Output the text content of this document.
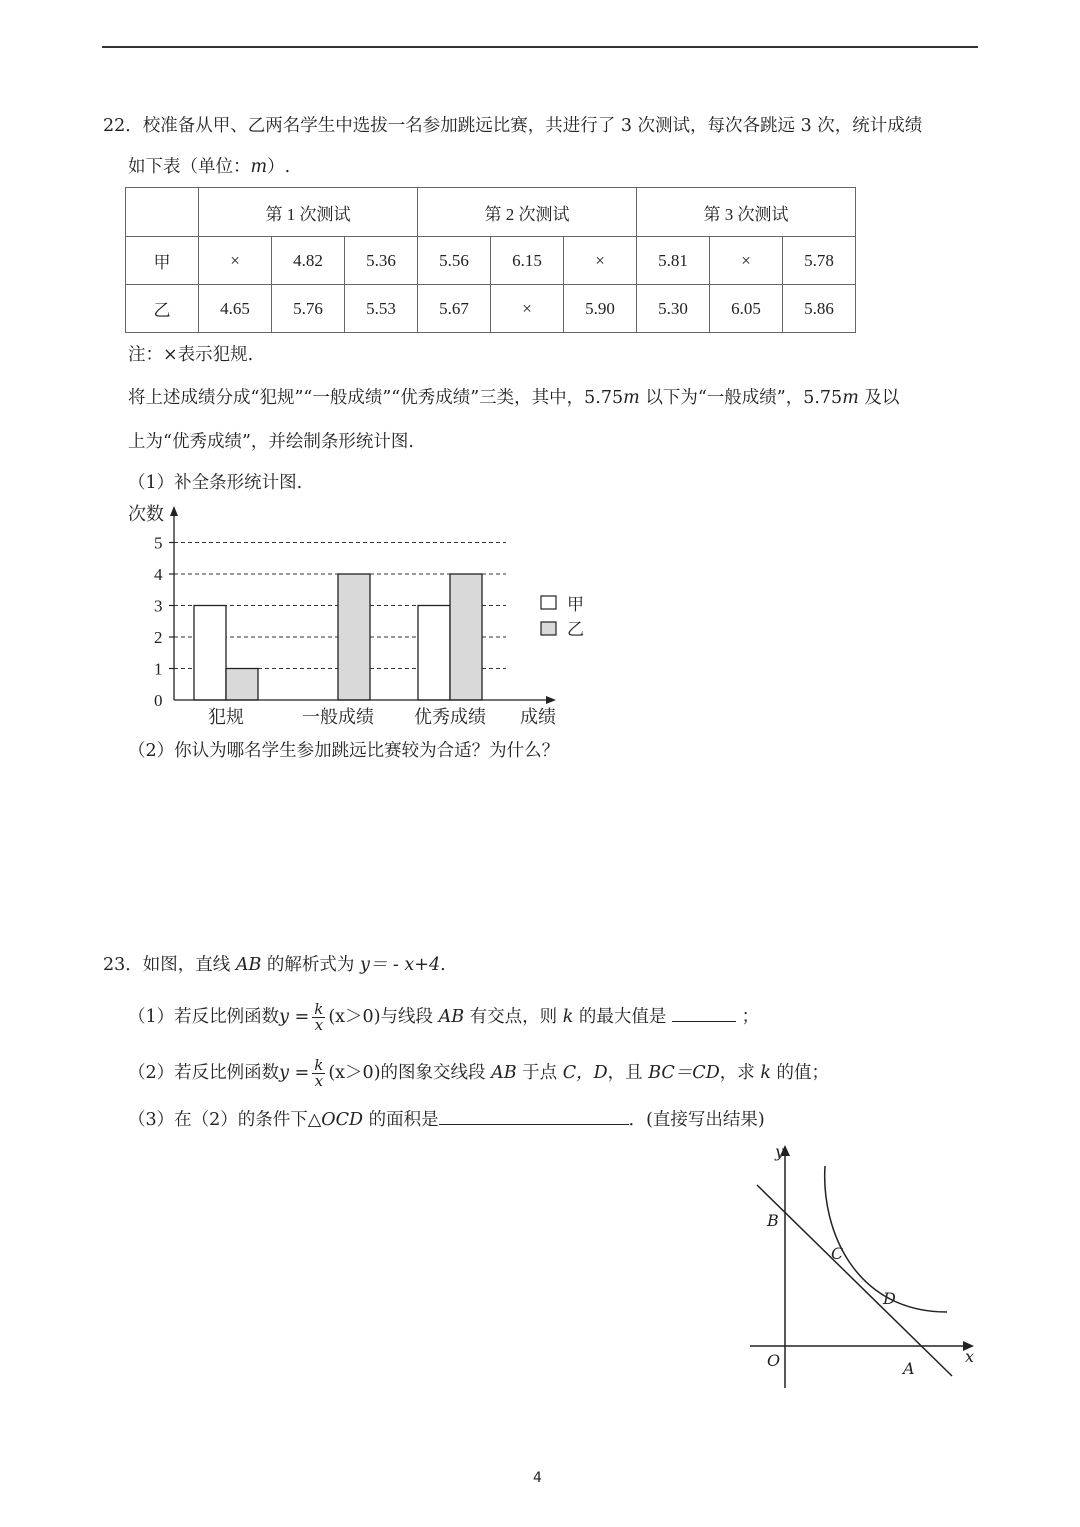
22．校准备从甲、乙两名学生中选拔一名参加跳远比赛，共进行了 3 次测试，每次各跳远 3 次，统计成绩
如下表（单位：m）.
	第 1 次测试			第 2 次测试			第 3 次测试		
甲	×	4.82	5.36	5.56	6.15	×	5.81	×	5.78
乙	4.65	5.76	5.53	5.67	×	5.90	5.30	6.05	5.86
注：×表示犯规.
将上述成绩分成“犯规”“一般成绩”“优秀成绩”三类，其中，5.75m 以下为“一般成绩”，5.75m 及以
上为“优秀成绩”，并绘制条形统计图.
（1）补全条形统计图.
次数
成绩
0
1
2
3
4
5
犯规	一般成绩 优秀成绩
甲
乙
（2）你认为哪名学生参加跳远比赛较为合适？为什么？
23．如图，直线 AB 的解析式为 y＝ - x+4.
（1）若反比例函数$y = \frac{k}{x} (x>0)$与线段 AB 有交点，则 k 的最大值是	；
（2）若反比例函数$y = \frac{k}{x} (x>0)$的图象交线段 AB 于点 C，D，且 BC＝CD，求 k 的值；
（3）在（2）的条件下△OCD 的面积是	．(直接写出结果)
y
x
O	A
B
C
D
4
